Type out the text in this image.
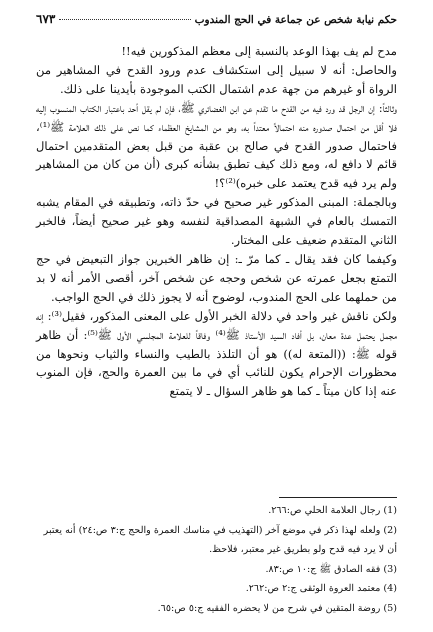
حكم نيابة شخص عن جماعة في الحج المندوب
٦٧٣

مدح لم يف بهذا الوعد بالنسبة إلى معظم المذكورين فيه!!

والحاصل: أنه لا سبيل إلى استكشاف عدم ورود القدح في المشاهير من الرواة أو غيرهم من جهة عدم اشتمال الكتب الموجودة بأيدينا على ذلك.

وثالثاً: إن الرجل قد ورد فيه من القدح ما تقدم عن ابن الغضائري ﷺ، فإن لم يقل أحد باعتبار الكتاب المنسوب إليه فلا أقل من احتمال صدوره منه احتمالاً معتداً به، وهو من المشايخ العظماء كما نص على ذلك العلامة ﷺ⁽¹⁾، فاحتمال صدور القدح في صالح بن عقبة من قبل بعض المتقدمين احتمال قائم لا دافع له، ومع ذلك كيف تطبق بشأنه كبرى (أن من كان من المشاهير ولم يرد فيه قدح يعتمد على خبره)⁽²⁾؟!

وبالجملة: المبنى المذكور غير صحيح في حدّ ذاته، وتطبيقه في المقام يشبه التمسك بالعام في الشبهة المصداقية لنفسه وهو غير صحيح أيضاً، فالخبر الثاني المتقدم ضعيف على المختار.

وكيفما كان فقد يقال ـ كما مرّ ـ: إن ظاهر الخبرين جواز التبعيض في حج التمتع بجعل عمرته عن شخص وحجه عن شخص آخر، أقصى الأمر أنه لا بد من حملهما على الحج المندوب، لوضوح أنه لا يجوز ذلك في الحج الواجب.

ولكن ناقش غير واحد في دلالة الخبر الأول على المعنى المذكور، فقيل⁽³⁾: إنه مجمل يحتمل عدة معان، بل أفاد السيد الأستاذ ﷺ⁽⁴⁾ وفاقاً للعلامة المجلسي الأول ﷺ⁽⁵⁾: أن ظاهر قوله ﷺ: ((المتعة له)) هو أن التلذذ بالطيب والنساء والثياب ونحوها من محظورات الإحرام يكون للنائب أي في ما بين العمرة والحج، فإن المنوب عنه إذا كان ميتاً ـ كما هو ظاهر السؤال ـ لا يتمتع

(1) رجال العلامة الحلي ص:٢٦٦.

(2) ولعله لهذا ذكر في موضع آخر (التهذيب في مناسك العمرة والحج ج:٣ ص:٢٤) أنه يعتبر أن لا يرد فيه قدح ولو بطريق غير معتبر، فلاحظ.

(3) فقه الصادق ﷺ ج:١٠ ص:٨٣.

(4) معتمد العروة الوثقى ج:٢ ص:٢٦٢.

(5) روضة المتقين في شرح من لا يحضره الفقيه ج:٥ ص:٦٥.
